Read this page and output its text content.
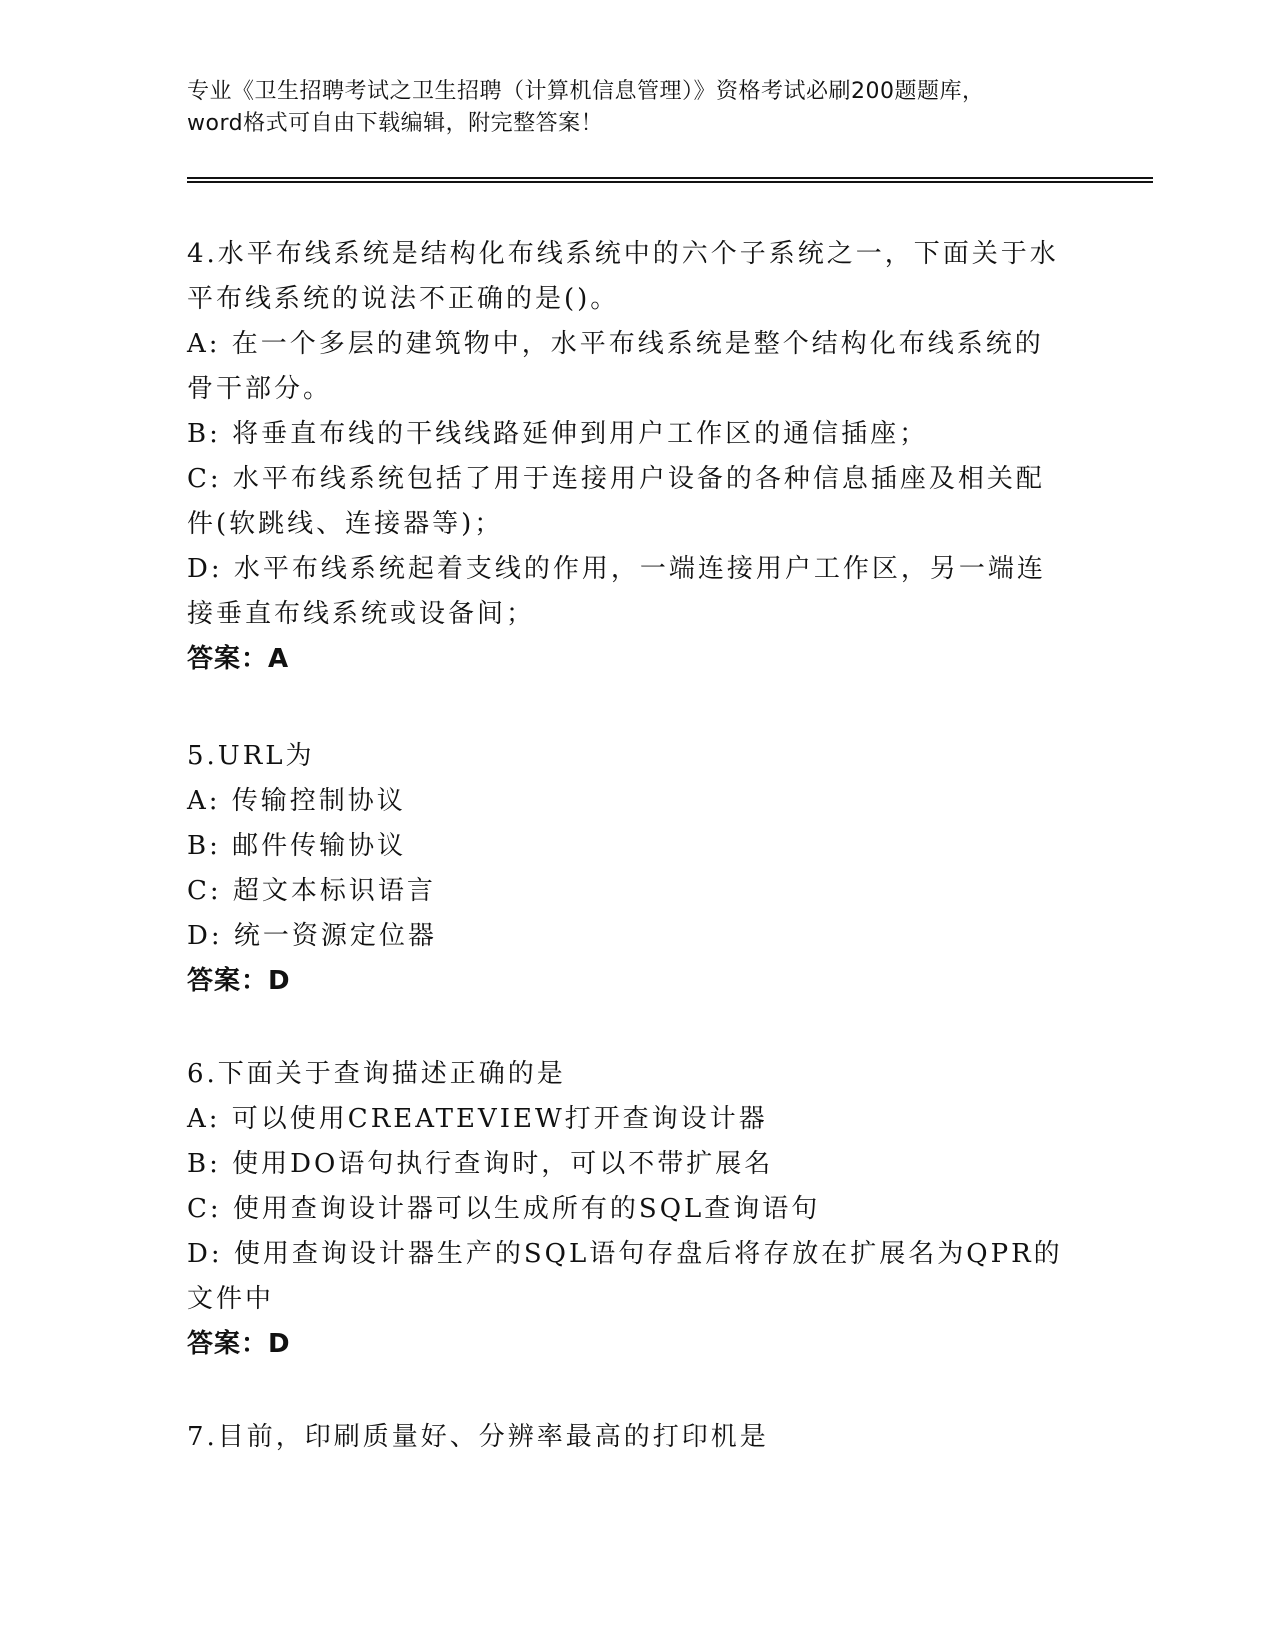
专业《卫生招聘考试之卫生招聘（计算机信息管理）》资格考试必刷200题题库，
word格式可自由下载编辑，附完整答案！
4.水平布线系统是结构化布线系统中的六个子系统之一，下面关于水平布线系统的说法不正确的是()。
A: 在一个多层的建筑物中，水平布线系统是整个结构化布线系统的骨干部分。
B: 将垂直布线的干线线路延伸到用户工作区的通信插座；
C: 水平布线系统包括了用于连接用户设备的各种信息插座及相关配件(软跳线、连接器等)；
D: 水平布线系统起着支线的作用，一端连接用户工作区，另一端连接垂直布线系统或设备间；
答案：A
5.URL为
A: 传输控制协议
B: 邮件传输协议
C: 超文本标识语言
D: 统一资源定位器
答案：D
6.下面关于查询描述正确的是
A: 可以使用CREATEVIEW打开查询设计器
B: 使用DO语句执行查询时，可以不带扩展名
C: 使用查询设计器可以生成所有的SQL查询语句
D: 使用查询设计器生产的SQL语句存盘后将存放在扩展名为QPR的文件中
答案：D
7.目前，印刷质量好、分辨率最高的打印机是
